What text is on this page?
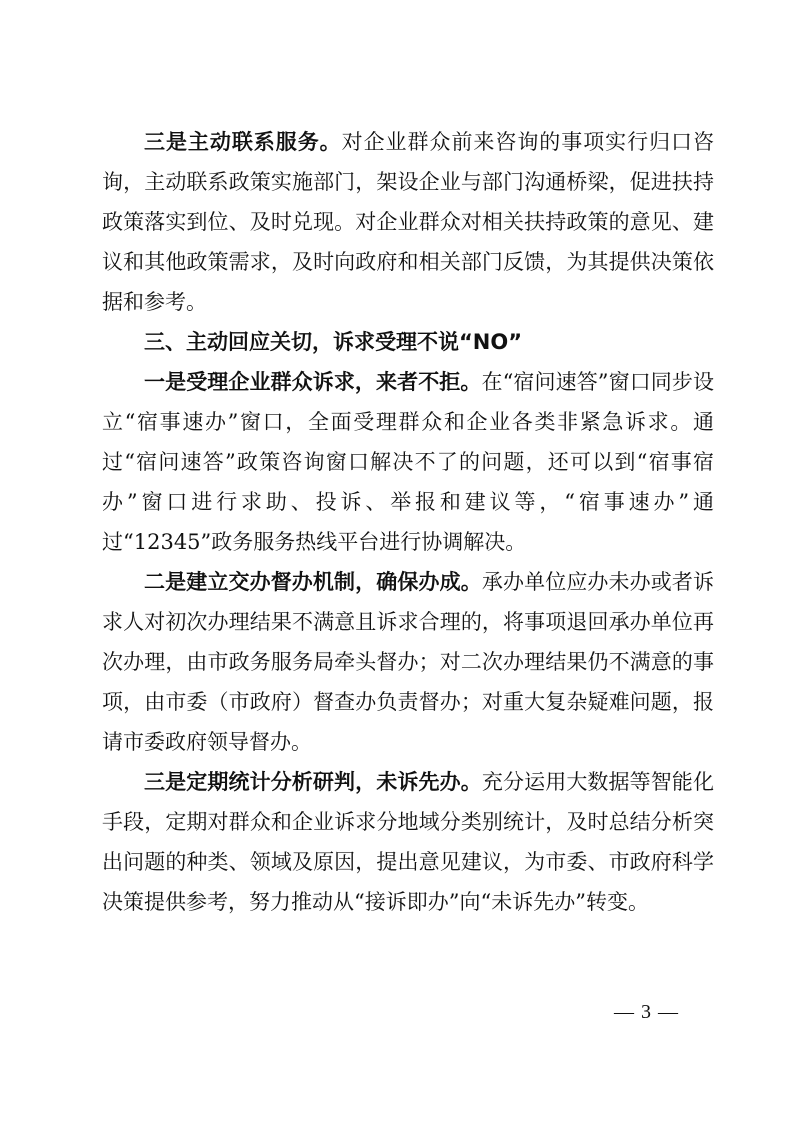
三是主动联系服务。对企业群众前来咨询的事项实行归口咨询，主动联系政策实施部门，架设企业与部门沟通桥梁，促进扶持政策落实到位、及时兑现。对企业群众对相关扶持政策的意见、建议和其他政策需求，及时向政府和相关部门反馈，为其提供决策依据和参考。

三、主动回应关切，诉求受理不说“NO”

一是受理企业群众诉求，来者不拒。在“宿问速答”窗口同步设立“宿事速办”窗口，全面受理群众和企业各类非紧急诉求。通过“宿问速答”政策咨询窗口解决不了的问题，还可以到“宿事宿办”窗口进行求助、投诉、举报和建议等，“宿事速办”通过“12345”政务服务热线平台进行协调解决。

二是建立交办督办机制，确保办成。承办单位应办未办或者诉求人对初次办理结果不满意且诉求合理的，将事项退回承办单位再次办理，由市政务服务局牵头督办；对二次办理结果仍不满意的事项，由市委（市政府）督查办负责督办；对重大复杂疑难问题，报请市委政府领导督办。

三是定期统计分析研判，未诉先办。充分运用大数据等智能化手段，定期对群众和企业诉求分地域分类别统计，及时总结分析突出问题的种类、领域及原因，提出意见建议，为市委、市政府科学决策提供参考，努力推动从“接诉即办”向“未诉先办”转变。

— 3 —
